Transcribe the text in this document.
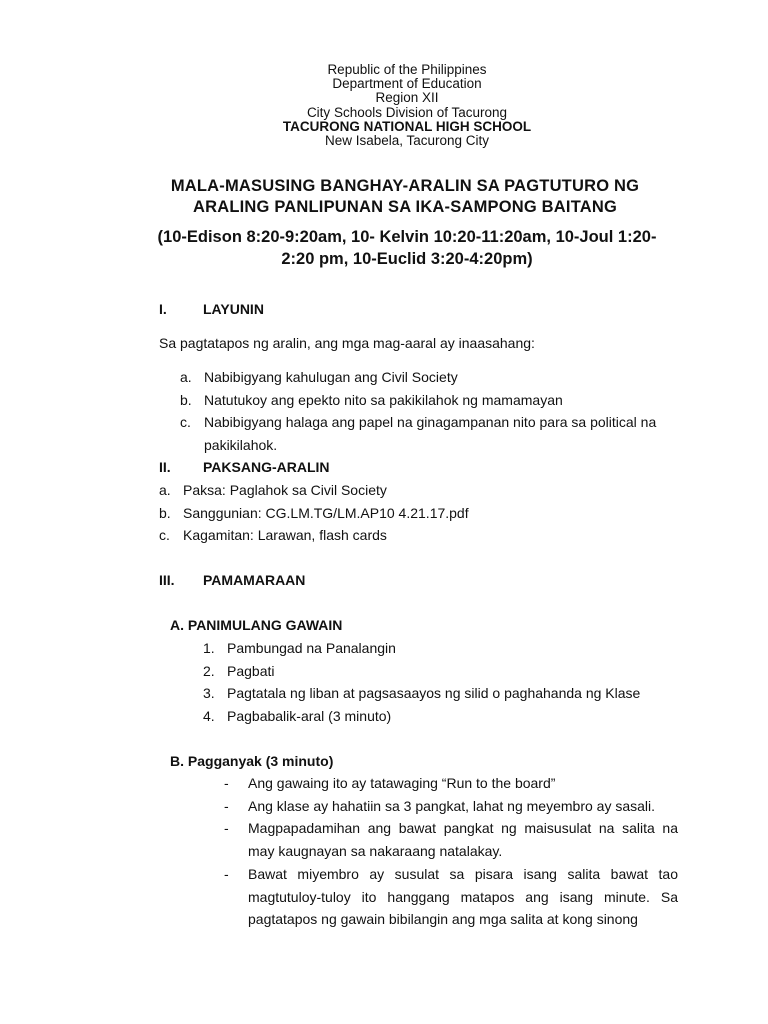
Republic of the Philippines
Department of Education
Region XII
City Schools Division of Tacurong
TACURONG NATIONAL HIGH SCHOOL
New Isabela, Tacurong City
MALA-MASUSING BANGHAY-ARALIN SA PAGTUTURO NG
ARALING PANLIPUNAN SA IKA-SAMPONG BAITANG
(10-Edison 8:20-9:20am, 10- Kelvin 10:20-11:20am, 10-Joul 1:20-
2:20 pm, 10-Euclid 3:20-4:20pm)
I.	LAYUNIN
Sa pagtatapos ng aralin, ang mga mag-aaral ay inaasahang:
a. Nabibigyang kahulugan ang Civil Society
b. Natutukoy ang epekto nito sa pakikilahok ng mamamayan
c. Nabibigyang halaga ang papel na ginagampanan nito para sa political na pakikilahok.
II. PAKSANG-ARALIN
a. Paksa: Paglahok sa Civil Society
b. Sanggunian: CG.LM.TG/LM.AP10 4.21.17.pdf
c. Kagamitan: Larawan, flash cards
III. PAMAMARAAN
A. PANIMULANG GAWAIN
1. Pambungad na Panalangin
2. Pagbati
3. Pagtatala ng liban at pagsasaayos ng silid o paghahanda ng Klase
4. Pagbabalik-aral (3 minuto)
B. Pagganyak (3 minuto)
-	Ang gawaing ito ay tatawaging “Run to the board”
-	Ang klase ay hahatiin sa 3 pangkat, lahat ng meyembro ay sasali.
-	Magpapadamihan ang bawat pangkat ng maisusulat na salita na may kaugnayan sa nakaraang natalakay.
-	Bawat miyembro ay susulat sa pisara isang salita bawat tao magtutuloy-tuloy ito hanggang matapos ang isang minute. Sa pagtatapos ng gawain bibilangin ang mga salita at kong sinong
